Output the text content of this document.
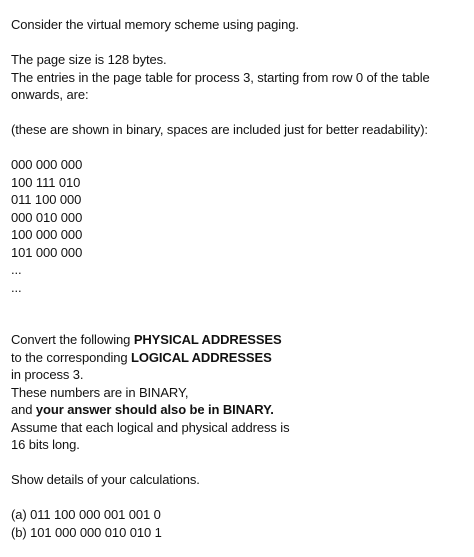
Consider the virtual memory scheme using paging.
The page size is 128 bytes.
The entries in the page table for process 3, starting from row 0 of the table
onwards, are:
(these are shown in binary, spaces are included just for better readability):
000 000 000
100 111 010
011 100 000
000 010 000
100 000 000
101 000 000
...
...
Convert the following PHYSICAL ADDRESSES
to the corresponding LOGICAL ADDRESSES
in process 3.
These numbers are in BINARY,
and your answer should also be in BINARY.
Assume that each logical and physical address is
16 bits long.
Show details of your calculations.
(a) 011 100 000 001 001 0
(b) 101 000 000 010 010 1
